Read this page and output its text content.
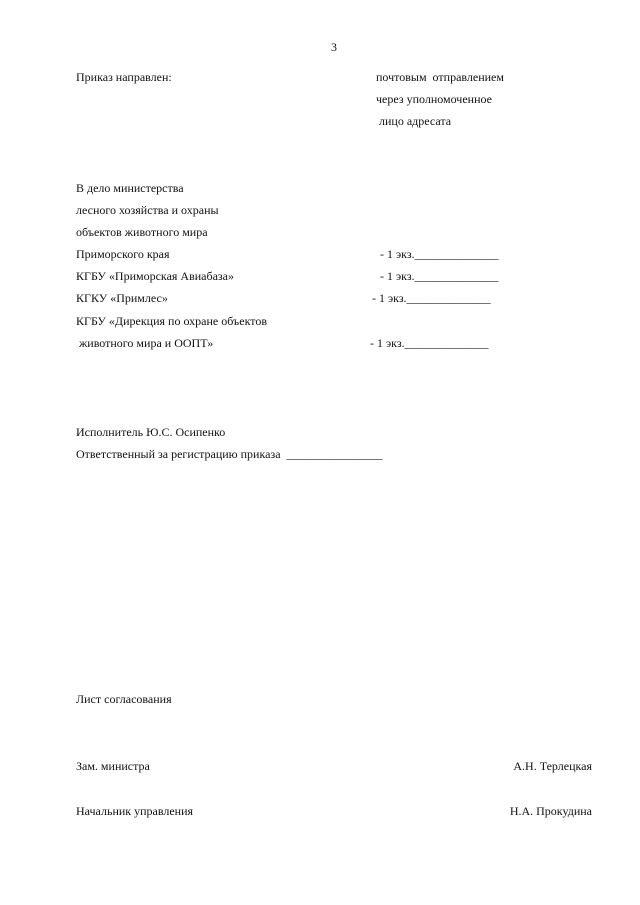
3
Приказ направлен:	почтовым  отправлением
через уполномоченное
лицо адресата
В дело министерства
лесного хозяйства и охраны
объектов животного мира
Приморского края	- 1 экз.______________
КГБУ «Приморская Авиабаза»	- 1 экз.______________
КГКУ «Примлес»	- 1 экз.______________
КГБУ «Дирекция по охране объектов
животного мира и ООПТ»	- 1 экз.______________
Исполнитель Ю.С. Осипенко
Ответственный за регистрацию приказа  ________________
Лист согласования
Зам. министра	А.Н. Терлецкая
Начальник управления	Н.А. Прокудина
